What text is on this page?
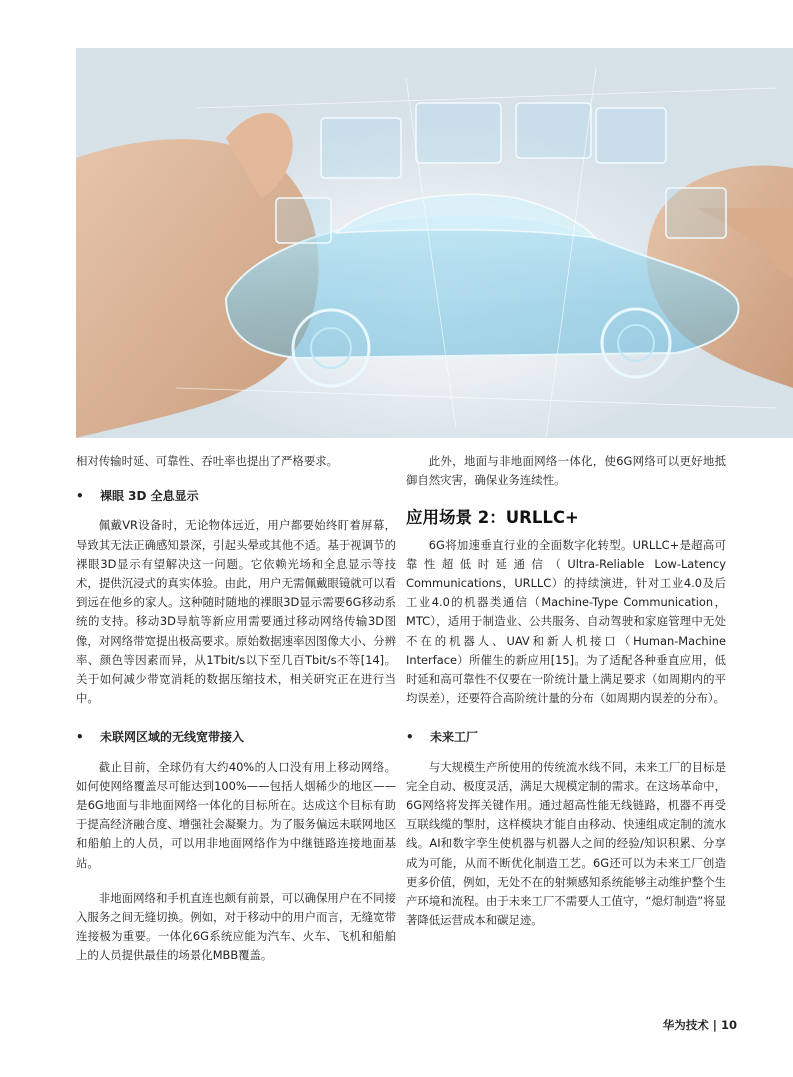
相对传输时延、可靠性、吞吐率也提出了严格要求。

• 裸眼 3D 全息显示

佩戴VR设备时，无论物体远近，用户都要始终盯着屏幕，导致其无法正确感知景深，引起头晕或其他不适。基于视调节的裸眼3D显示有望解决这一问题。它依赖光场和全息显示等技术，提供沉浸式的真实体验。由此，用户无需佩戴眼镜就可以看到远在他乡的家人。这种随时随地的裸眼3D显示需要6G移动系统的支持。移动3D导航等新应用需要通过移动网络传输3D图像，对网络带宽提出极高要求。原始数据速率因图像大小、分辨率、颜色等因素而异，从1Tbit/s以下至几百Tbit/s不等[14]。关于如何减少带宽消耗的数据压缩技术，相关研究正在进行当中。

• 未联网区域的无线宽带接入

截止目前，全球仍有大约40%的人口没有用上移动网络。如何使网络覆盖尽可能达到100%——包括人烟稀少的地区——是6G地面与非地面网络一体化的目标所在。达成这个目标有助于提高经济融合度、增强社会凝聚力。为了服务偏远未联网地区和船舶上的人员，可以用非地面网络作为中继链路连接地面基站。

非地面网络和手机直连也颇有前景，可以确保用户在不同接入服务之间无缝切换。例如，对于移动中的用户而言，无缝宽带连接极为重要。一体化6G系统应能为汽车、火车、飞机和船舶上的人员提供最佳的场景化MBB覆盖。

此外，地面与非地面网络一体化，使6G网络可以更好地抵御自然灾害，确保业务连续性。

应用场景 2：URLLC+

6G将加速垂直行业的全面数字化转型。URLLC+是超高可靠性超低时延通信（Ultra-Reliable Low-Latency Communications，URLLC）的持续演进，针对工业4.0及后工业4.0的机器类通信（Machine-Type Communication，MTC），适用于制造业、公共服务、自动驾驶和家庭管理中无处不在的机器人、UAV和新人机接口（Human-Machine Interface）所催生的新应用[15]。为了适配各种垂直应用，低时延和高可靠性不仅要在一阶统计量上满足要求（如周期内的平均误差），还要符合高阶统计量的分布（如周期内误差的分布）。

• 未来工厂

与大规模生产所使用的传统流水线不同，未来工厂的目标是完全自动、极度灵活，满足大规模定制的需求。在这场革命中，6G网络将发挥关键作用。通过超高性能无线链路，机器不再受互联线缆的掣肘，这样模块才能自由移动、快速组成定制的流水线。AI和数字孪生使机器与机器人之间的经验/知识积累、分享成为可能，从而不断优化制造工艺。6G还可以为未来工厂创造更多价值，例如，无处不在的射频感知系统能够主动维护整个生产环境和流程。由于未来工厂不需要人工值守，“熄灯制造”将显著降低运营成本和碳足迹。

华为技术 | 10
